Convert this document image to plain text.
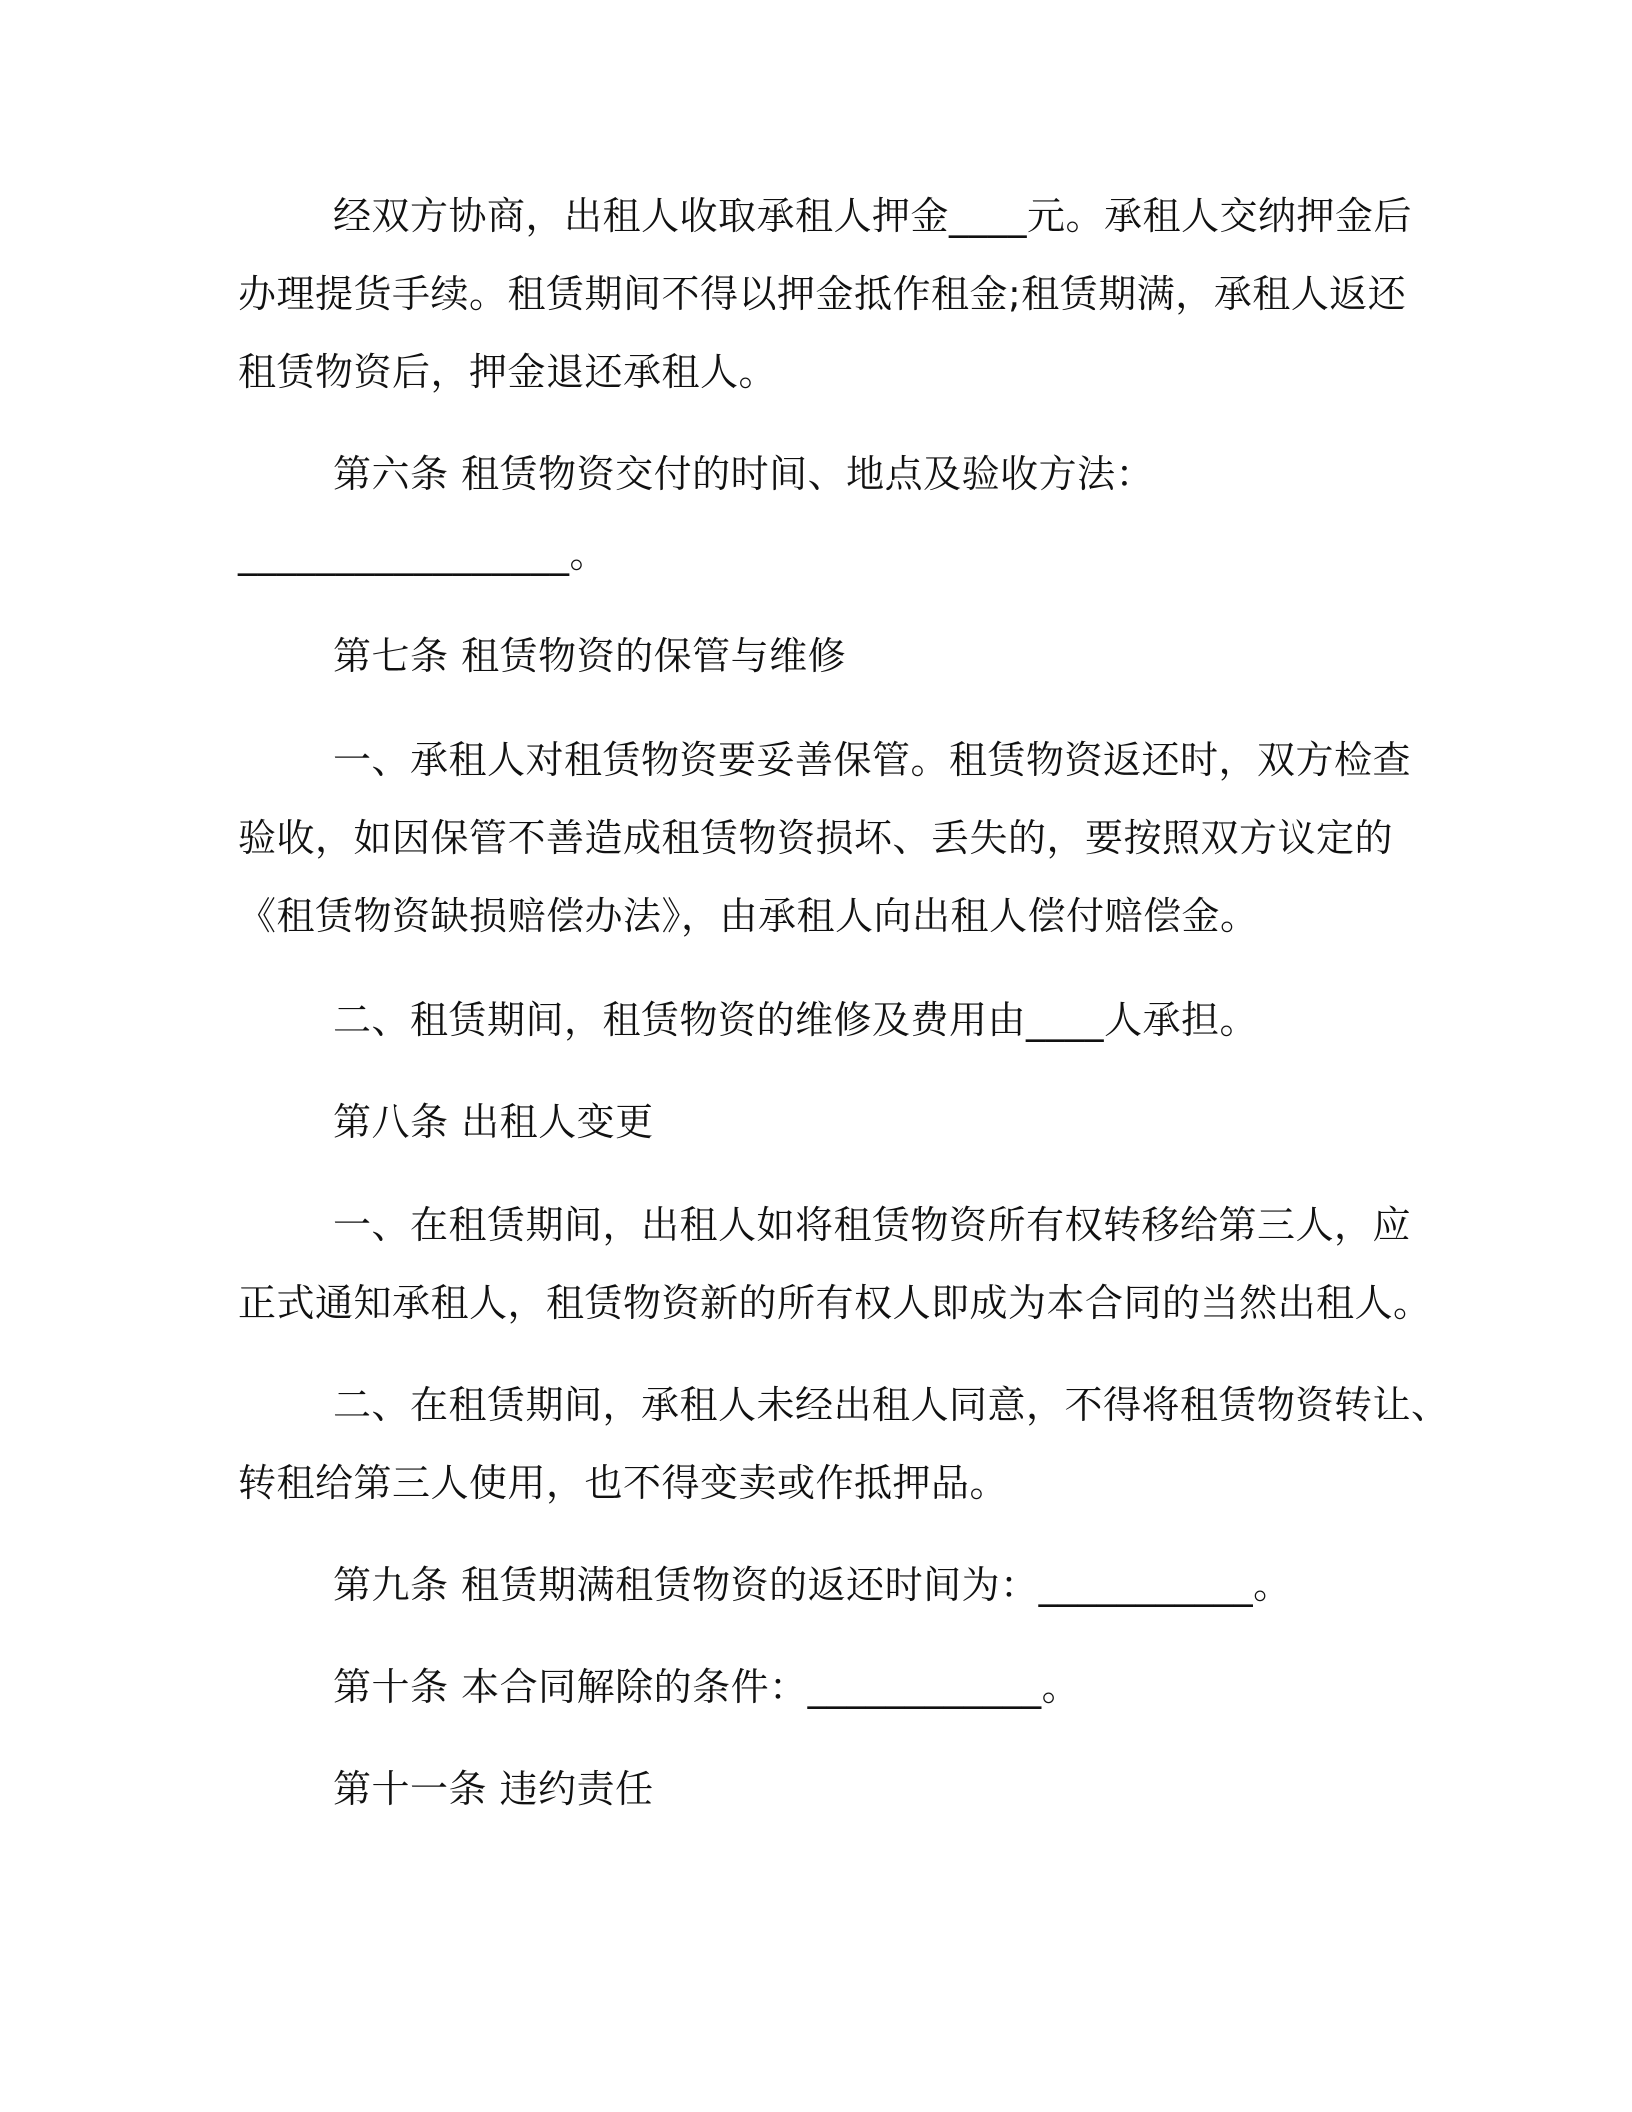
经双方协商，出租人收取承租人押金____元。承租人交纳押金后
办理提货手续。租赁期间不得以押金抵作租金;租赁期满，承租人返还
租赁物资后，押金退还承租人。
第六条 租赁物资交付的时间、地点及验收方法：
_________________。
第七条 租赁物资的保管与维修
一、承租人对租赁物资要妥善保管。租赁物资返还时，双方检查
验收，如因保管不善造成租赁物资损坏、丢失的，要按照双方议定的
《租赁物资缺损赔偿办法》，由承租人向出租人偿付赔偿金。
二、租赁期间，租赁物资的维修及费用由____人承担。
第八条 出租人变更
一、在租赁期间，出租人如将租赁物资所有权转移给第三人，应
正式通知承租人，租赁物资新的所有权人即成为本合同的当然出租人。
二、在租赁期间，承租人未经出租人同意，不得将租赁物资转让、
转租给第三人使用，也不得变卖或作抵押品。
第九条 租赁期满租赁物资的返还时间为：___________。
第十条 本合同解除的条件：____________。
第十一条 违约责任
